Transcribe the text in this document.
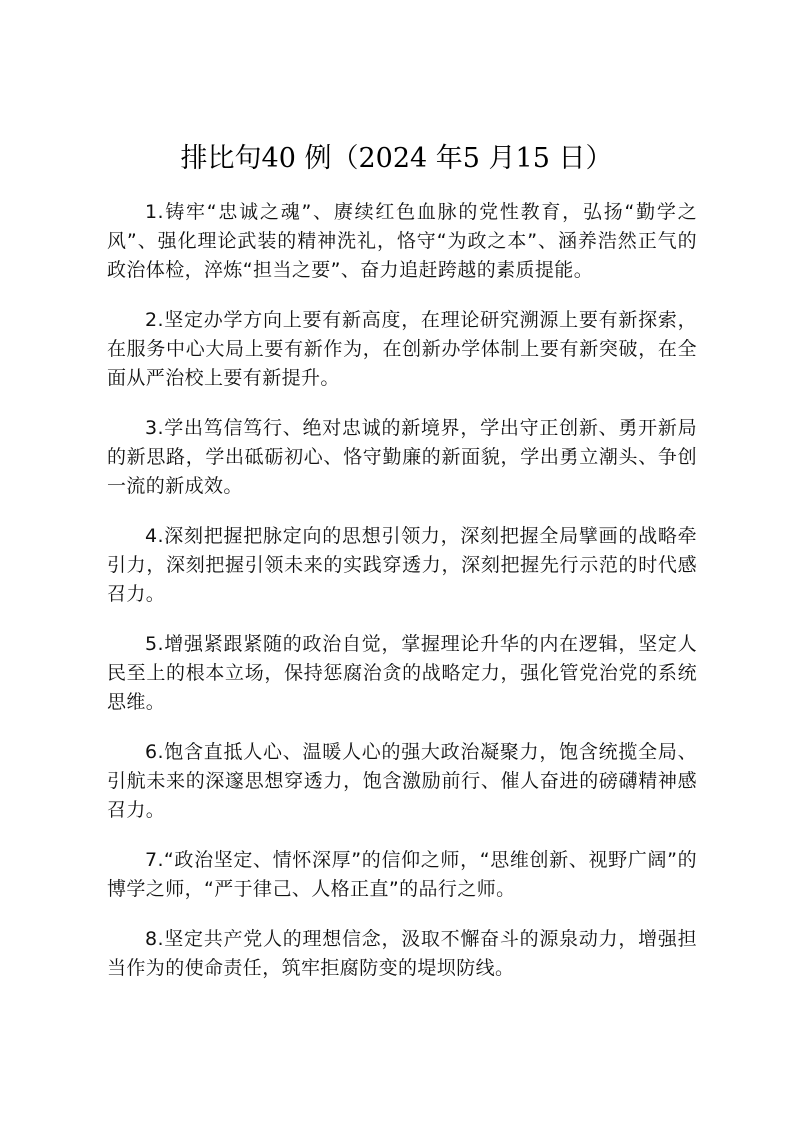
排比句40 例（2024 年5 月15 日）

1.铸牢“忠诚之魂”、赓续红色血脉的党性教育，弘扬“勤学之风”、强化理论武装的精神洗礼，恪守“为政之本”、涵养浩然正气的政治体检，淬炼“担当之要”、奋力追赶跨越的素质提能。

2.坚定办学方向上要有新高度，在理论研究溯源上要有新探索，在服务中心大局上要有新作为，在创新办学体制上要有新突破，在全面从严治校上要有新提升。

3.学出笃信笃行、绝对忠诚的新境界，学出守正创新、勇开新局的新思路，学出砥砺初心、恪守勤廉的新面貌，学出勇立潮头、争创一流的新成效。

4.深刻把握把脉定向的思想引领力，深刻把握全局擘画的战略牵引力，深刻把握引领未来的实践穿透力，深刻把握先行示范的时代感召力。

5.增强紧跟紧随的政治自觉，掌握理论升华的内在逻辑，坚定人民至上的根本立场，保持惩腐治贪的战略定力，强化管党治党的系统思维。

6.饱含直抵人心、温暖人心的强大政治凝聚力，饱含统揽全局、引航未来的深邃思想穿透力，饱含激励前行、催人奋进的磅礴精神感召力。

7.“政治坚定、情怀深厚”的信仰之师，“思维创新、视野广阔”的博学之师，“严于律己、人格正直”的品行之师。

8.坚定共产党人的理想信念，汲取不懈奋斗的源泉动力，增强担当作为的使命责任，筑牢拒腐防变的堤坝防线。
